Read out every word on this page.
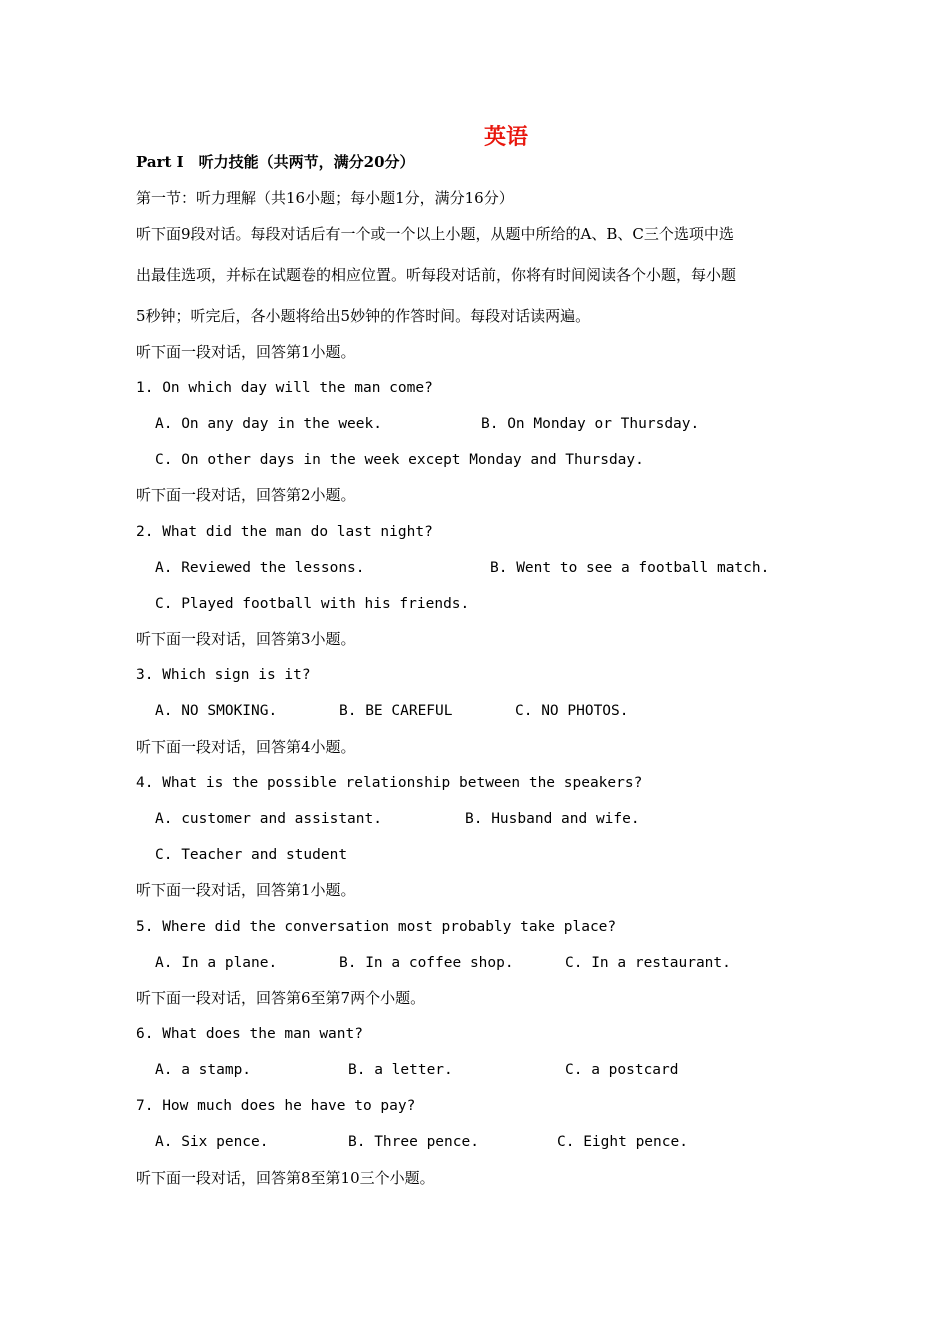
英语
Part I　听力技能（共两节，满分20分）
第一节：听力理解（共16小题；每小题1分，满分16分）
听下面9段对话。每段对话后有一个或一个以上小题，从题中所给的A、B、C三个选项中选
出最佳选项，并标在试题卷的相应位置。听每段对话前，你将有时间阅读各个小题，每小题
5秒钟；听完后，各小题将给出5妙钟的作答时间。每段对话读两遍。
听下面一段对话，回答第1小题。
1. On which day will the man come?
A. On any day in the week.	B. On Monday or Thursday.
C. On other days in the week except Monday and Thursday.
听下面一段对话，回答第2小题。
2. What did the man do last night?
A. Reviewed the lessons.	B. Went to see a football match.
C. Played football with his friends.
听下面一段对话，回答第3小题。
3. Which sign is it?
A. NO SMOKING.	B. BE CAREFUL	C. NO PHOTOS.
听下面一段对话，回答第4小题。
4. What is the possible relationship between the speakers?
A. customer and assistant.	B. Husband and wife.
C. Teacher and student
听下面一段对话，回答第1小题。
5. Where did the conversation most probably take place?
A. In a plane.	B. In a coffee shop.	C. In a restaurant.
听下面一段对话，回答第6至第7两个小题。
6. What does the man want?
A. a stamp.	B. a letter.	C. a postcard
7. How much does he have to pay?
A. Six pence.	B. Three pence.	C. Eight pence.
听下面一段对话，回答第8至第10三个小题。
